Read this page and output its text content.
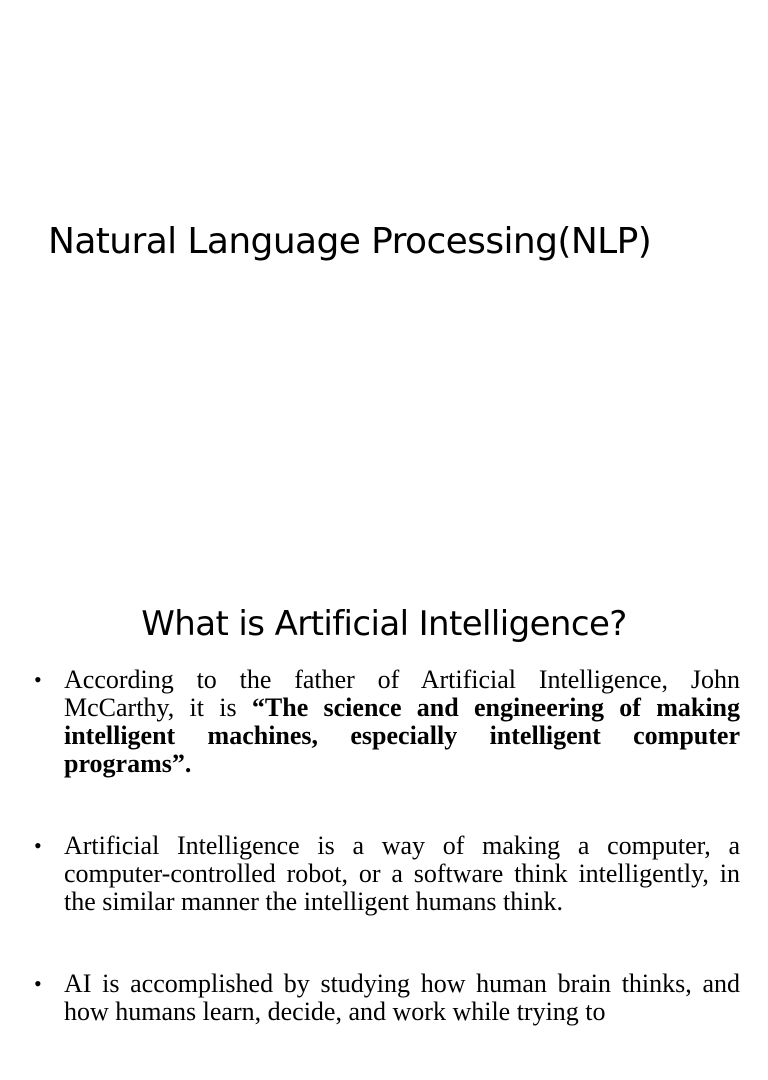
Natural Language Processing(NLP)
What is Artificial Intelligence?
• According to the father of Artificial Intelligence, John McCarthy, it is “The science and engineering of making intelligent machines, especially intelligent computer programs”.
• Artificial Intelligence is a way of making a computer, a computer-controlled robot, or a software think intelligently, in the similar manner the intelligent humans think.
• AI is accomplished by studying how human brain thinks, and how humans learn, decide, and work while trying to
